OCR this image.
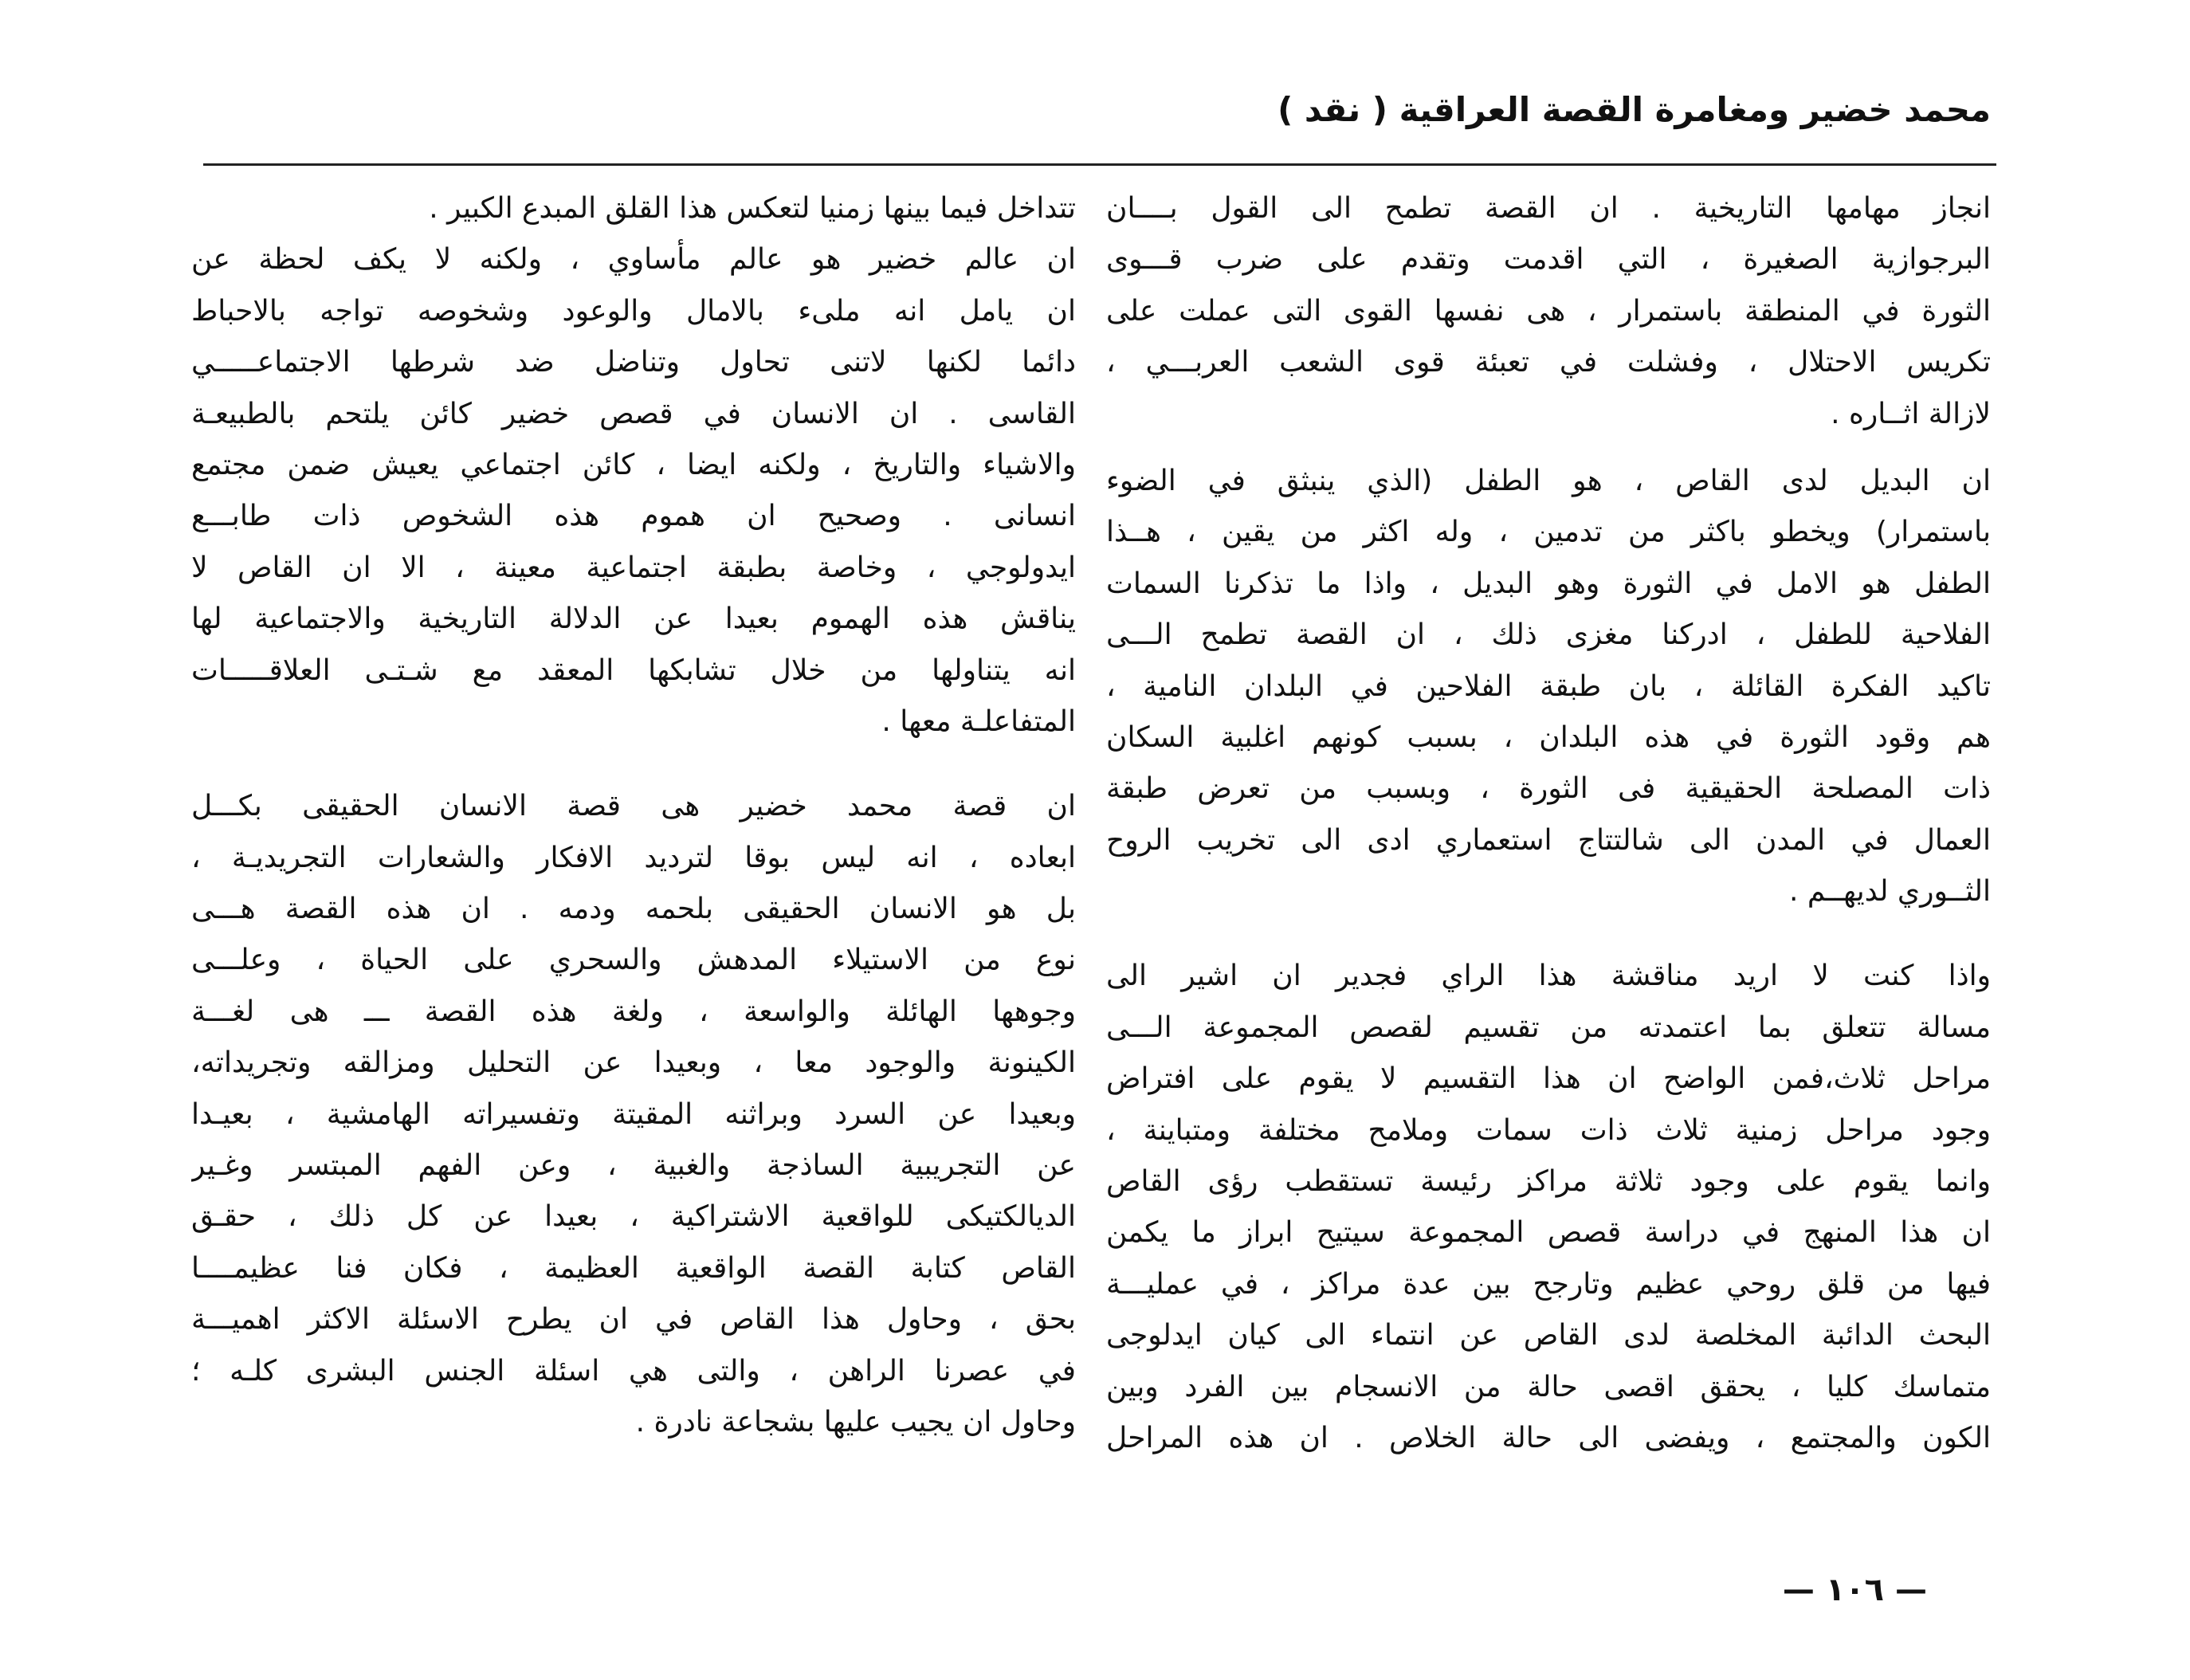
محمد خضير ومغامرة القصة العراقية ( نقد )
انجاز مهامها التاريخية . ان القصة تطمح الى القول بــــان
البرجوازية الصغيرة ، التي اقدمت وتقدم على ضرب قـــوى
الثورة في المنطقة باستمرار ، هى نفسها القوى التى عملت على
تكريس الاحتلال ، وفشلت في تعبئة قوى الشعب العربـــي ،
لازالة اثــاره .
ان البديل لدى القاص ، هو الطفل (الذي ينبثق في الضوء
باستمرار) ويخطو باكثر من تدمين ، وله اكثر من يقين ، هــذا
الطفل هو الامل في الثورة وهو البديل ، واذا ما تذكرنا السمات
الفلاحية للطفل ، ادركنا مغزى ذلك ، ان القصة تطمح الـــى
تاكيد الفكرة القائلة ، بان طبقة الفلاحين في البلدان النامية ،
هم وقود الثورة في هذه البلدان ، بسبب كونهم اغلبية السكان
ذات المصلحة الحقيقية فى الثورة ، وبسبب من تعرض طبقة
العمال في المدن الى شالتتاج استعماري ادى الى تخريب الروح
الثــوري لديهــم .
واذا كنت لا اريد مناقشة هذا الراي فجدير ان اشير الى
مسالة تتعلق بما اعتمدته من تقسيم لقصص المجموعة الـــى
مراحل ثلاث،فمن الواضح ان هذا التقسيم لا يقوم على افتراض
وجود مراحل زمنية ثلاث ذات سمات وملامح مختلفة ومتباينة ،
وانما يقوم على وجود ثلاثة مراكز رئيسة تستقطب رؤى القاص
ان هذا المنهج في دراسة قصص المجموعة سيتيح ابراز ما يكمن
فيها من قلق روحي عظيم وتارجح بين عدة مراكز ، في عمليـــة
البحث الدائبة المخلصة لدى القاص عن انتماء الى كيان ايدلوجى
متماسك كليا ، يحقق اقصى حالة من الانسجام بين الفرد وبين
الكون والمجتمع ، ويفضى الى حالة الخلاص . ان هذه المراحل
تتداخل فيما بينها زمنيا لتعكس هذا القلق المبدع الكبير .
ان عالم خضير هو عالم مأساوي ، ولكنه لا يكف لحظة عن
ان يامل انه ملىء بالامال والوعود وشخوصه تواجه بالاحباط
دائما لكنها لاتنى تحاول وتناضل ضد شرطها الاجتماعـــــي
القاسى . ان الانسان في قصص خضير كائن يلتحم بالطبيعـة
والاشياء والتاريخ ، ولكنه ايضا ، كائن اجتماعي يعيش ضمن مجتمع
انسانى . وصحيح ان هموم هذه الشخوص ذات طابـــع
ايدولوجي ، وخاصة بطبقة اجتماعية معينة ، الا ان القاص لا
يناقش هذه الهموم بعيدا عن الدلالة التاريخية والاجتماعية لها
انه يتناولها من خلال تشابكها المعقد مع شـتـى العلاقـــــات
المتفاعلـة معها .
ان قصة محمد خضير هى قصة الانسان الحقيقى بكـــل
ابعاده ، انه ليس بوقا لترديد الافكار والشعارات التجريديـة ،
بل هو الانسان الحقيقى بلحمه ودمه . ان هذه القصة هـــى
نوع من الاستيلاء المدهش والسحري على الحياة ، وعلـــى
وجوهها الهائلة والواسعة ، ولغة هذه القصة ـــ هى لغـــة
الكينونة والوجود معا ، وبعيدا عن التحليل ومزالقه وتجريداته،
وبعيدا عن السرد وبراثنه المقيتة وتفسيراته الهامشية ، بعيـدا
عن التجريبية الساذجة والغبية ، وعن الفهم المبتسر وغـير
الديالكتيكى للواقعية الاشتراكية ، بعيدا عن كل ذلك ، حقـق
القاص كتابة القصة الواقعية العظيمة ، فكان فنا عظيمــــا
بحق ، وحاول هذا القاص في ان يطرح الاسئلة الاكثر اهميـــة
في عصرنا الراهن ، والتى هي اسئلة الجنس البشرى كلـه ؛
وحاول ان يجيب عليها بشجاعة نادرة .
— ١٠٦ —
